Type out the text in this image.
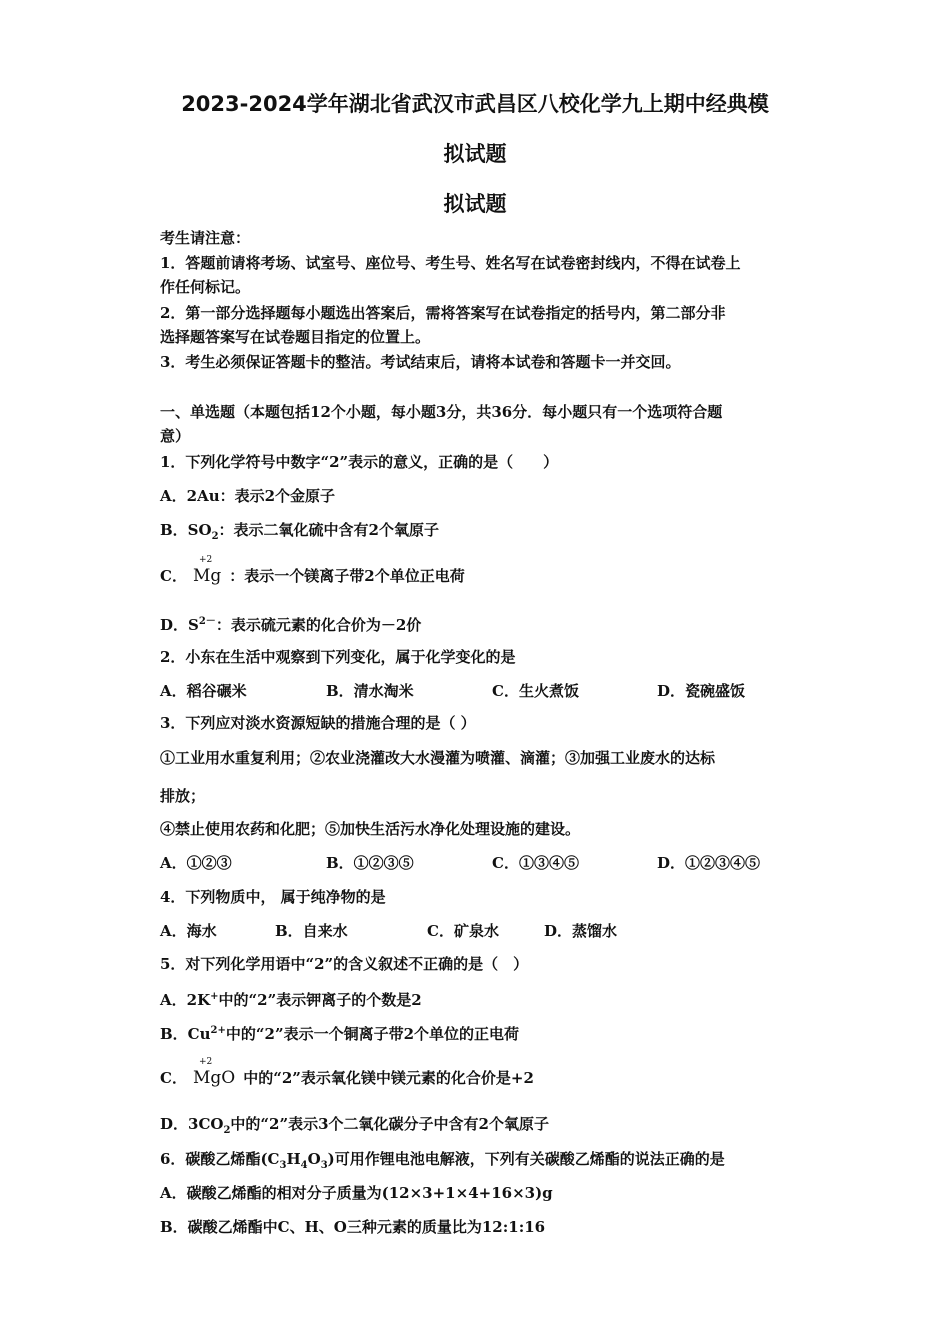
2023-2024学年湖北省武汉市武昌区八校化学九上期中经典模
拟试题
拟试题
考生请注意：
1．答题前请将考场、试室号、座位号、考生号、姓名写在试卷密封线内，不得在试卷上
作任何标记。
2．第一部分选择题每小题选出答案后，需将答案写在试卷指定的括号内，第二部分非
选择题答案写在试卷题目指定的位置上。
3．考生必须保证答题卡的整洁。考试结束后，请将本试卷和答题卡一并交回。
一、单选题（本题包括12个小题，每小题3分，共36分．每小题只有一个选项符合题
意）
1．下列化学符号中数字“2”表示的意义，正确的是（　　）
A．2Au：表示2个金原子
B．$SO_2$：表示二氧化硫中含有2个氧原子
C．
+2
Mg ：表示一个镁离子带2个单位正电荷
D．$S^{2-}$：表示硫元素的化合价为－2价
2．小东在生活中观察到下列变化，属于化学变化的是
A．稻谷碾米	B．清水淘米	C．生火煮饭	D．瓷碗盛饭
3．下列应对淡水资源短缺的措施合理的是（ ）
①工业用水重复利用；②农业浇灌改大水漫灌为喷灌、滴灌；③加强工业废水的达标
排放；
④禁止使用农药和化肥；⑤加快生活污水净化处理设施的建设。
A．①②③	B．①②③⑤	C．①③④⑤	D．①②③④⑤
4．下列物质中， 属于纯净物的是
A．海水	B．自来水	C．矿泉水	D．蒸馏水
5．对下列化学用语中“2”的含义叙述不正确的是（　）
A．2K+中的“2”表示钾离子的个数是2
B．$Cu^{2+}$中的“2”表示一个铜离子带2个单位的正电荷
C．
+2
MgO 中的“2”表示氧化镁中镁元素的化合价是+2
D．$3CO_2$中的“2”表示3个二氧化碳分子中含有2个氧原子
6．碳酸乙烯酯$(C_3H_4O_3)$可用作锂电池电解液，下列有关碳酸乙烯酯的说法正确的是
A．碳酸乙烯酯的相对分子质量为(12×3+1×4+16×3)g
B．碳酸乙烯酯中C、H、O三种元素的质量比为12:1:16
